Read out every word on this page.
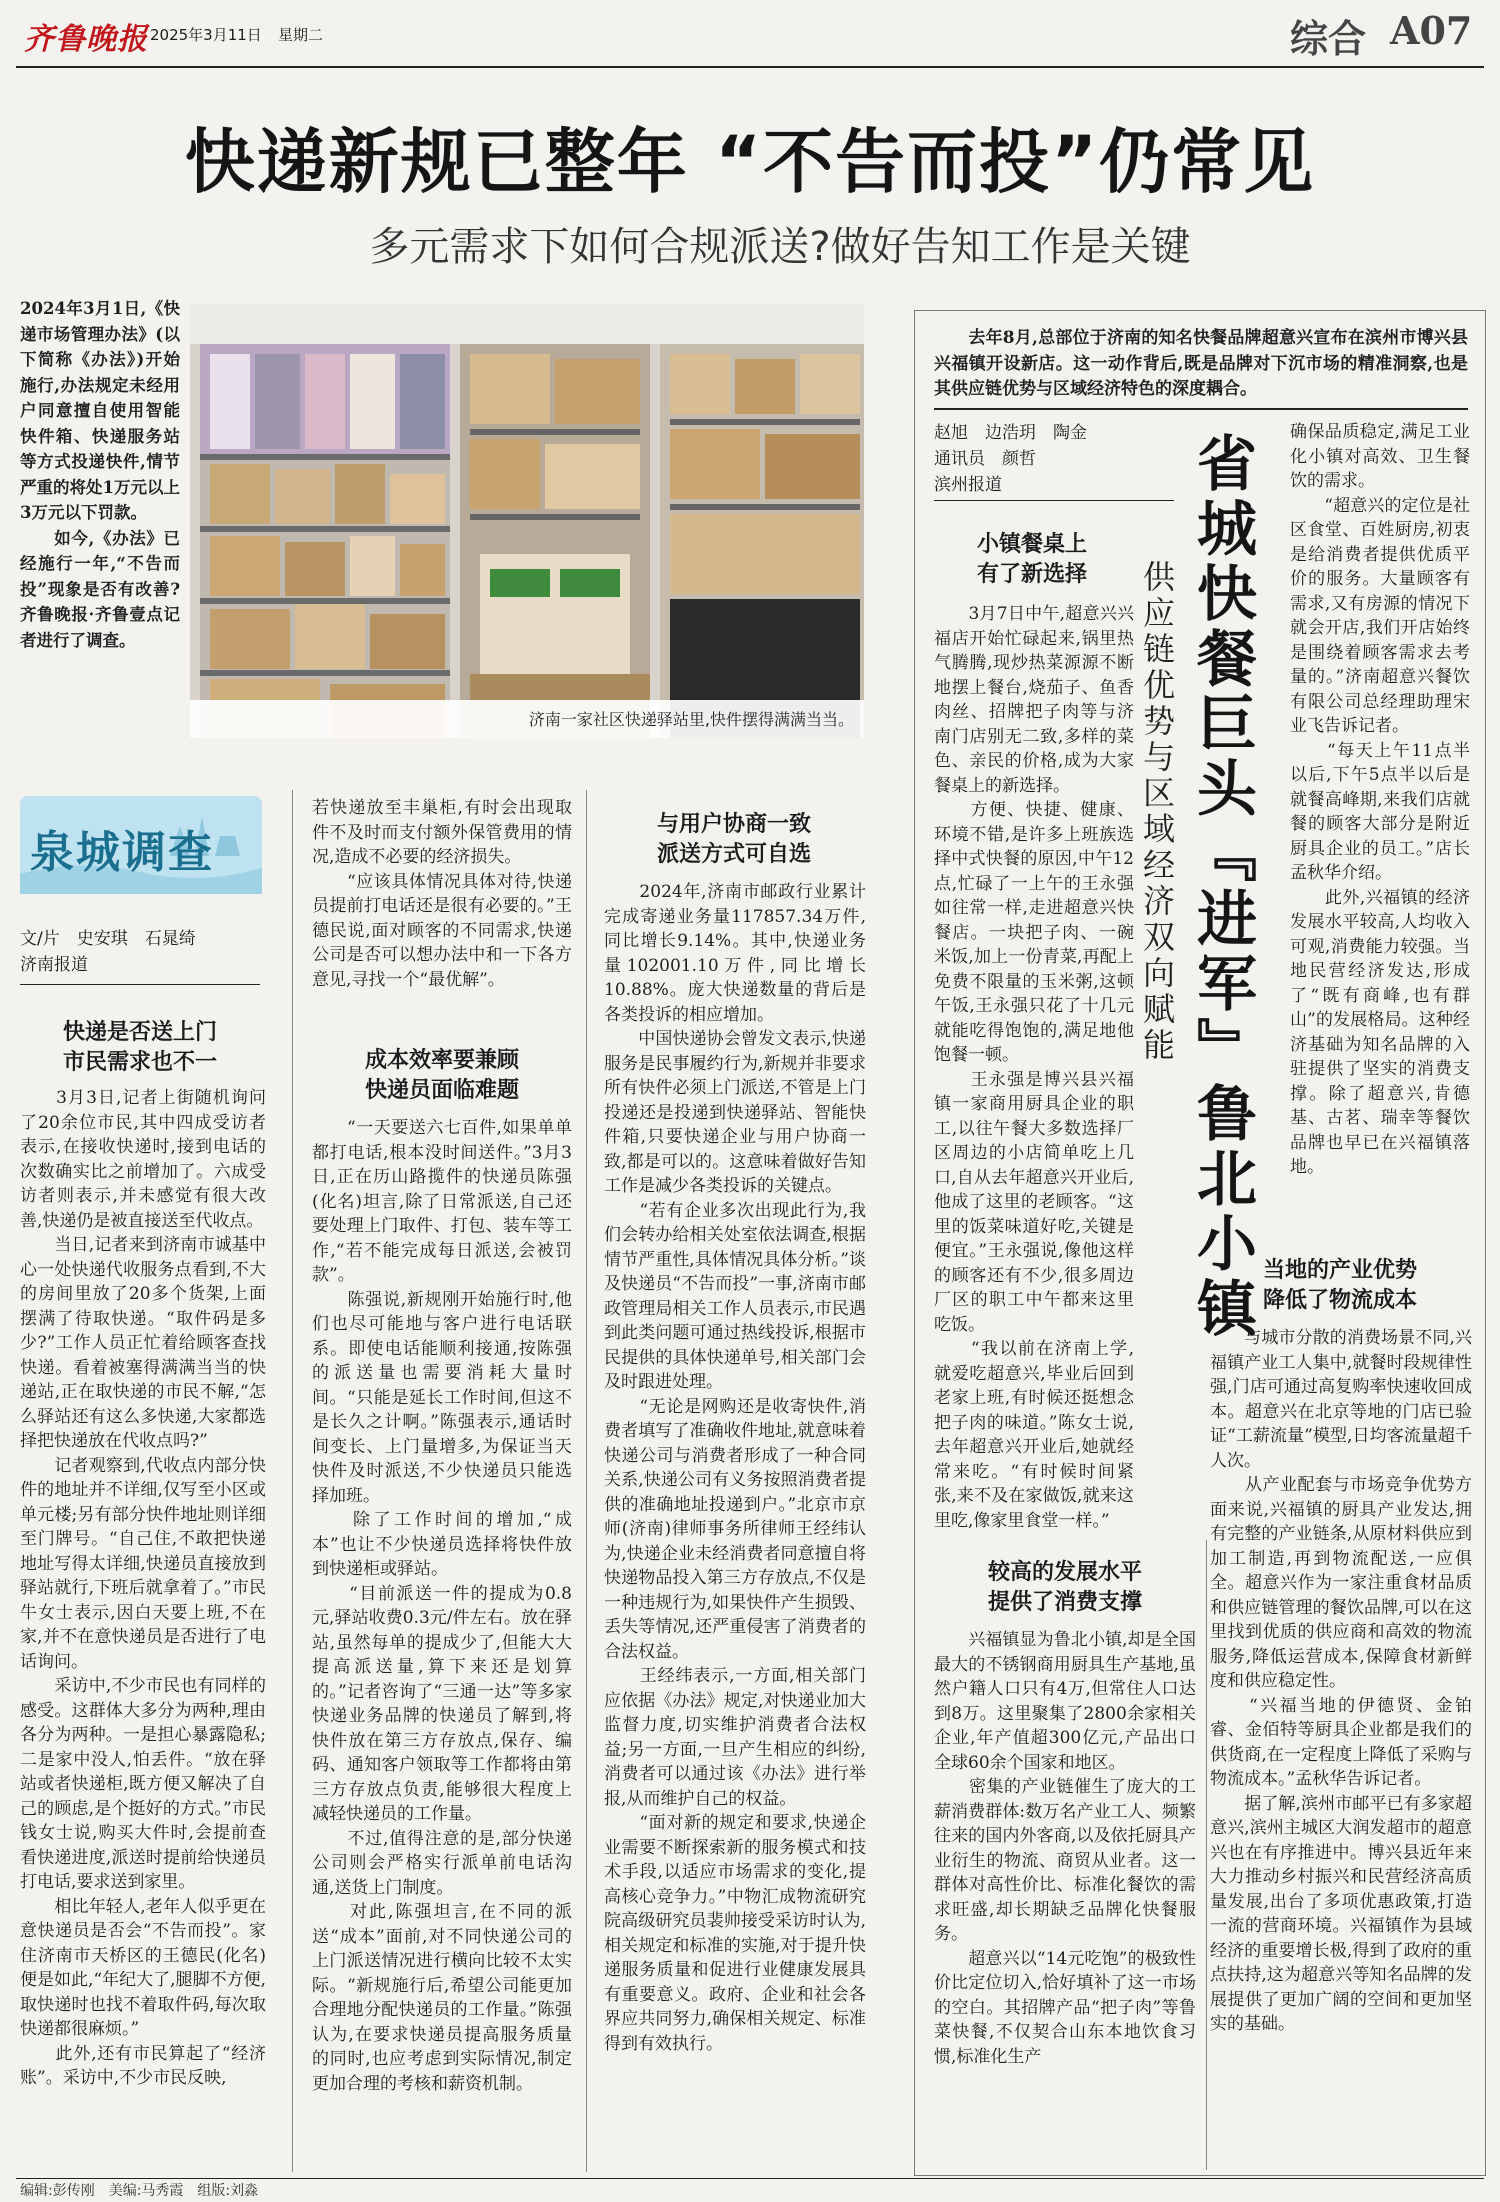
齐鲁晚报 2025年3月11日 星期二	综合 A07
快递新规已整年 “不告而投”仍常见
多元需求下如何合规派送?做好告知工作是关键
2024年3月1日,《快递市场管理办法》(以下简称《办法》)开始施行,办法规定未经用户同意擅自使用智能快件箱、快递服务站等方式投递快件,情节严重的将处1万元以上3万元以下罚款。
　　如今,《办法》已经施行一年,“不告而投”现象是否有改善?齐鲁晚报·齐鲁壹点记者进行了调查。
济南一家社区快递驿站里,快件摆得满满当当。
泉城调查
文/片　史安琪　石晁绮
济南报道
快递是否送上门
市民需求也不一
　　3月3日,记者上街随机询问了20余位市民,其中四成受访者表示,在接收快递时,接到电话的次数确实比之前增加了。六成受访者则表示,并未感觉有很大改善,快递仍是被直接送至代收点。
　　当日,记者来到济南市诚基中心一处快递代收服务点看到,不大的房间里放了20多个货架,上面摆满了待取快递。“取件码是多少?”工作人员正忙着给顾客查找快递。看着被塞得满满当当的快递站,正在取快递的市民不解,“怎么驿站还有这么多快递,大家都选择把快递放在代收点吗?”
　　记者观察到,代收点内部分快件的地址并不详细,仅写至小区或单元楼;另有部分快件地址则详细至门牌号。“自己住,不敢把快递地址写得太详细,快递员直接放到驿站就行,下班后就拿着了。”市民牛女士表示,因白天要上班,不在家,并不在意快递员是否进行了电话询问。
　　采访中,不少市民也有同样的感受。这群体大多分为两种,理由各分为两种。一是担心暴露隐私;二是家中没人,怕丢件。“放在驿站或者快递柜,既方便又解决了自己的顾虑,是个挺好的方式。”市民钱女士说,购买大件时,会提前查看快递进度,派送时提前给快递员打电话,要求送到家里。
　　相比年轻人,老年人似乎更在意快递员是否会“不告而投”。家住济南市天桥区的王德民(化名)便是如此,“年纪大了,腿脚不方便,取快递时也找不着取件码,每次取快递都很麻烦。”
　　此外,还有市民算起了“经济账”。采访中,不少市民反映,
若快递放至丰巢柜,有时会出现取件不及时而支付额外保管费用的情况,造成不必要的经济损失。
　　“应该具体情况具体对待,快递员提前打电话还是很有必要的。”王德民说,面对顾客的不同需求,快递公司是否可以想办法中和一下各方意见,寻找一个“最优解”。
成本效率要兼顾
快递员面临难题
　　“一天要送六七百件,如果单单都打电话,根本没时间送件。”3月3日,正在历山路揽件的快递员陈强(化名)坦言,除了日常派送,自己还要处理上门取件、打包、装车等工作,“若不能完成每日派送,会被罚款”。
　　陈强说,新规刚开始施行时,他们也尽可能地与客户进行电话联系。即使电话能顺利接通,按陈强的派送量也需要消耗大量时间。“只能是延长工作时间,但这不是长久之计啊。”陈强表示,通话时间变长、上门量增多,为保证当天快件及时派送,不少快递员只能选择加班。
　　除了工作时间的增加,“成本”也让不少快递员选择将快件放到快递柜或驿站。
　　“目前派送一件的提成为0.8元,驿站收费0.3元/件左右。放在驿站,虽然每单的提成少了,但能大大提高派送量,算下来还是划算的。”记者咨询了“三通一达”等多家快递业务品牌的快递员了解到,将快件放在第三方存放点,保存、编码、通知客户领取等工作都将由第三方存放点负责,能够很大程度上减轻快递员的工作量。
　　不过,值得注意的是,部分快递公司则会严格实行派单前电话沟通,送货上门制度。
　　对此,陈强坦言,在不同的派送“成本”面前,对不同快递公司的上门派送情况进行横向比较不太实际。“新规施行后,希望公司能更加合理地分配快递员的工作量。”陈强认为,在要求快递员提高服务质量的同时,也应考虑到实际情况,制定更加合理的考核和薪资机制。
与用户协商一致
派送方式可自选
　　2024年,济南市邮政行业累计完成寄递业务量117857.34万件,同比增长9.14%。其中,快递业务量102001.10万件,同比增长10.88%。庞大快递数量的背后是各类投诉的相应增加。
　　中国快递协会曾发文表示,快递服务是民事履约行为,新规并非要求所有快件必须上门派送,不管是上门投递还是投递到快递驿站、智能快件箱,只要快递企业与用户协商一致,都是可以的。这意味着做好告知工作是减少各类投诉的关键点。
　　“若有企业多次出现此行为,我们会转办给相关处室依法调查,根据情节严重性,具体情况具体分析。”谈及快递员“不告而投”一事,济南市邮政管理局相关工作人员表示,市民遇到此类问题可通过热线投诉,根据市民提供的具体快递单号,相关部门会及时跟进处理。
　　“无论是网购还是收寄快件,消费者填写了准确收件地址,就意味着快递公司与消费者形成了一种合同关系,快递公司有义务按照消费者提供的准确地址投递到户。”北京市京师(济南)律师事务所律师王经纬认为,快递企业未经消费者同意擅自将快递物品投入第三方存放点,不仅是一种违规行为,如果快件产生损毁、丢失等情况,还严重侵害了消费者的合法权益。
　　王经纬表示,一方面,相关部门应依据《办法》规定,对快递业加大监督力度,切实维护消费者合法权益;另一方面,一旦产生相应的纠纷,消费者可以通过该《办法》进行举报,从而维护自己的权益。
　　“面对新的规定和要求,快递企业需要不断探索新的服务模式和技术手段,以适应市场需求的变化,提高核心竞争力。”中物汇成物流研究院高级研究员裴帅接受采访时认为,相关规定和标准的实施,对于提升快递服务质量和促进行业健康发展具有重要意义。政府、企业和社会各界应共同努力,确保相关规定、标准得到有效执行。
　　去年8月,总部位于济南的知名快餐品牌超意兴宣布在滨州市博兴县兴福镇开设新店。这一动作背后,既是品牌对下沉市场的精准洞察,也是其供应链优势与区域经济特色的深度耦合。
赵旭　边浩玥　陶金
通讯员　颜哲
滨州报道	省城快餐巨头『进军』鲁北小镇
供应链优势与区域经济双向赋能
小镇餐桌上
有了新选择
　　3月7日中午,超意兴兴福店开始忙碌起来,锅里热气腾腾,现炒热菜源源不断地摆上餐台,烧茄子、鱼香肉丝、招牌把子肉等与济南门店别无二致,多样的菜色、亲民的价格,成为大家餐桌上的新选择。
　　方便、快捷、健康、环境不错,是许多上班族选择中式快餐的原因,中午12点,忙碌了一上午的王永强如往常一样,走进超意兴快餐店。一块把子肉、一碗米饭,加上一份青菜,再配上免费不限量的玉米粥,这顿午饭,王永强只花了十几元就能吃得饱饱的,满足地他饱餐一顿。
　　王永强是博兴县兴福镇一家商用厨具企业的职工,以往午餐大多数选择厂区周边的小店简单吃上几口,自从去年超意兴开业后,他成了这里的老顾客。“这里的饭菜味道好吃,关键是便宜。”王永强说,像他这样的顾客还有不少,很多周边厂区的职工中午都来这里吃饭。
　　“我以前在济南上学,就爱吃超意兴,毕业后回到老家上班,有时候还挺想念把子肉的味道。”陈女士说,去年超意兴开业后,她就经常来吃。“有时候时间紧张,来不及在家做饭,就来这里吃,像家里食堂一样。”
较高的发展水平
提供了消费支撑
　　兴福镇显为鲁北小镇,却是全国最大的不锈钢商用厨具生产基地,虽然户籍人口只有4万,但常住人口达到8万。这里聚集了2800余家相关企业,年产值超300亿元,产品出口全球60余个国家和地区。
　　密集的产业链催生了庞大的工薪消费群体:数万名产业工人、频繁往来的国内外客商,以及依托厨具产业衍生的物流、商贸从业者。这一群体对高性价比、标准化餐饮的需求旺盛,却长期缺乏品牌化快餐服务。
　　超意兴以“14元吃饱”的极致性价比定位切入,恰好填补了这一市场的空白。其招牌产品“把子肉”等鲁菜快餐,不仅契合山东本地饮食习惯,标准化生产
确保品质稳定,满足工业化小镇对高效、卫生餐饮的需求。
　　“超意兴的定位是社区食堂、百姓厨房,初衷是给消费者提供优质平价的服务。大量顾客有需求,又有房源的情况下就会开店,我们开店始终是围绕着顾客需求去考量的。”济南超意兴餐饮有限公司总经理助理宋业飞告诉记者。
　　“每天上午11点半以后,下午5点半以后是就餐高峰期,来我们店就餐的顾客大部分是附近厨具企业的员工。”店长孟秋华介绍。
　　此外,兴福镇的经济发展水平较高,人均收入可观,消费能力较强。当地民营经济发达,形成了“既有商峰,也有群山”的发展格局。这种经济基础为知名品牌的入驻提供了坚实的消费支撑。除了超意兴,肯德基、古茗、瑞幸等餐饮品牌也早已在兴福镇落地。
当地的产业优势
降低了物流成本
　　与城市分散的消费场景不同,兴福镇产业工人集中,就餐时段规律性强,门店可通过高复购率快速收回成本。超意兴在北京等地的门店已验证“工薪流量”模型,日均客流量超千人次。
　　从产业配套与市场竞争优势方面来说,兴福镇的厨具产业发达,拥有完整的产业链条,从原材料供应到加工制造,再到物流配送,一应俱全。超意兴作为一家注重食材品质和供应链管理的餐饮品牌,可以在这里找到优质的供应商和高效的物流服务,降低运营成本,保障食材新鲜度和供应稳定性。
　　“兴福当地的伊德贤、金铂睿、金佰特等厨具企业都是我们的供货商,在一定程度上降低了采购与物流成本。”孟秋华告诉记者。
　　据了解,滨州市邮平已有多家超意兴,滨州主城区大润发超市的超意兴也在有序推进中。博兴县近年来大力推动乡村振兴和民营经济高质量发展,出台了多项优惠政策,打造一流的营商环境。兴福镇作为县域经济的重要增长极,得到了政府的重点扶持,这为超意兴等知名品牌的发展提供了更加广阔的空间和更加坚实的基础。
编辑:彭传刚　美编:马秀霞　组版:刘淼
